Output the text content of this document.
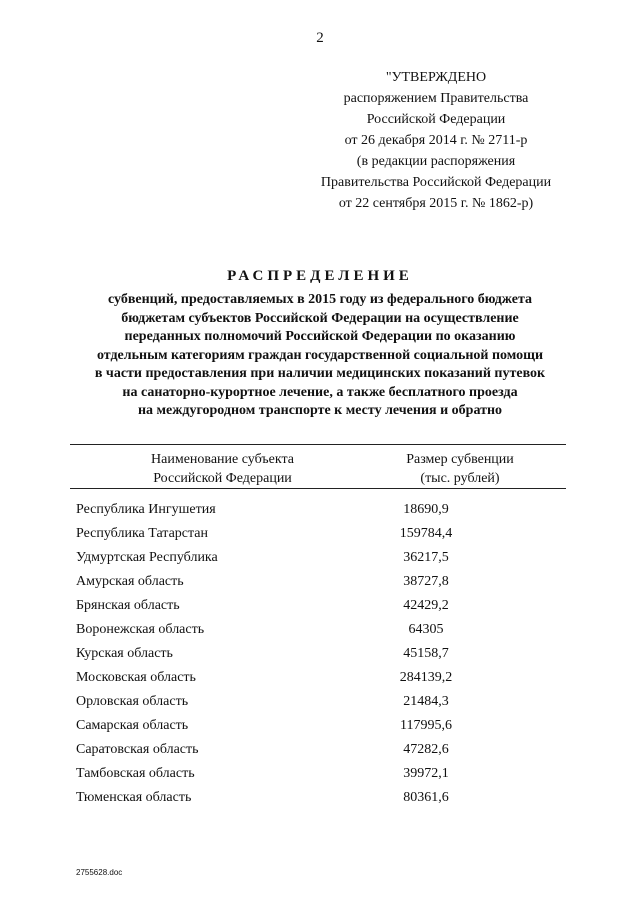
2
"УТВЕРЖДЕНО
распоряжением Правительства
Российской Федерации
от 26 декабря 2014 г. № 2711-р
(в редакции распоряжения
Правительства Российской Федерации
от 22 сентября 2015 г. № 1862-р)
РАСПРЕДЕЛЕНИЕ
субвенций, предоставляемых в 2015 году из федерального бюджета
бюджетам субъектов Российской Федерации на осуществление
переданных полномочий Российской Федерации по оказанию
отдельным категориям граждан государственной социальной помощи
в части предоставления при наличии медицинских показаний путевок
на санаторно-курортное лечение, а также бесплатного проезда
на междугородном транспорте к месту лечения и обратно
Наименование субъекта
Российской Федерации
Размер субвенции
(тыс. рублей)
Республика Ингушетия	18690,9
Республика Татарстан	159784,4
Удмуртская Республика	36217,5
Амурская область	38727,8
Брянская область	42429,2
Воронежская область	64305
Курская область	45158,7
Московская область	284139,2
Орловская область	21484,3
Самарская область	117995,6
Саратовская область	47282,6
Тамбовская область	39972,1
Тюменская область	80361,6
2755628.doc
